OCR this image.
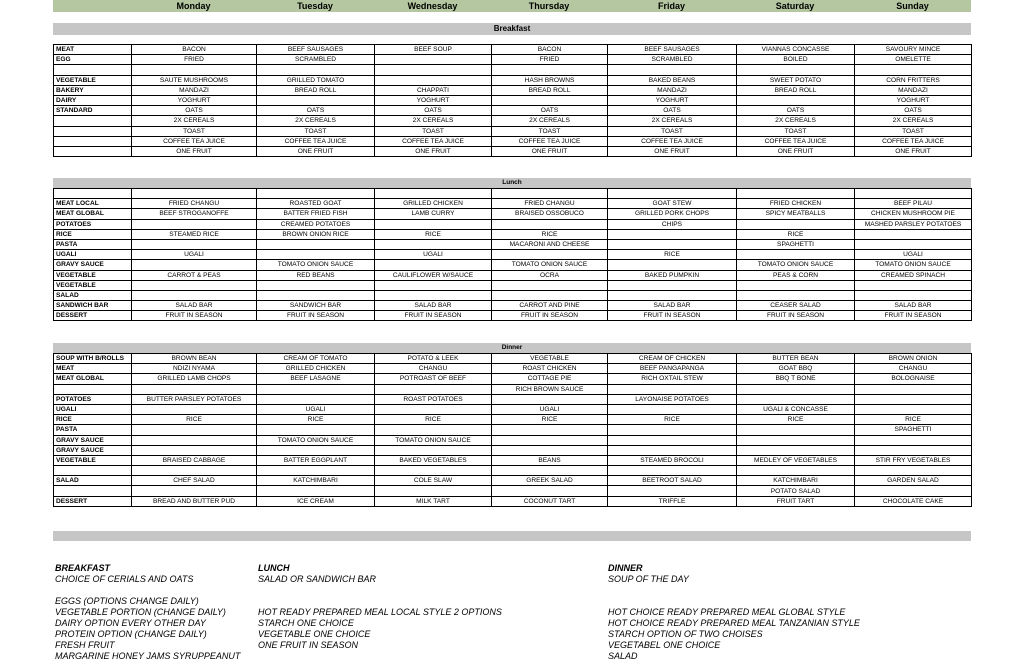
Monday	Tuesday	Wednesday	Thursday	Friday	Saturday	Sunday
Breakfast
MEAT	BACON	BEEF SAUSAGES	BEEF SOUP	BACON	BEEF SAUSAGES	VIANNAS CONCASSE	SAVOURY MINCE
EGG	FRIED	SCRAMBLED		FRIED	SCRAMBLED	BOILED	OMELETTE

VEGETABLE	SAUTE MUSHROOMS	GRILLED TOMATO		HASH BROWNS	BAKED BEANS	SWEET POTATO	CORN FRITTERS
BAKERY	MANDAZI	BREAD ROLL	CHAPPATI	BREAD ROLL	MANDAZI	BREAD ROLL	MANDAZI
DAIRY	YOGHURT		YOGHURT		YOGHURT		YOGHURT
STANDARD	OATS	OATS	OATS	OATS	OATS	OATS	OATS
	2X CEREALS	2X CEREALS	2X CEREALS	2X CEREALS	2X CEREALS	2X CEREALS	2X CEREALS
	TOAST	TOAST	TOAST	TOAST	TOAST	TOAST	TOAST
	COFFEE TEA JUICE	COFFEE TEA JUICE	COFFEE TEA JUICE	COFFEE TEA JUICE	COFFEE TEA JUICE	COFFEE TEA JUICE	COFFEE TEA JUICE
	ONE FRUIT	ONE FRUIT	ONE FRUIT	ONE FRUIT	ONE FRUIT	ONE FRUIT	ONE FRUIT
Lunch

MEAT LOCAL	FRIED CHANGU	ROASTED GOAT	GRILLED CHICKEN	FRIED CHANGU	GOAT STEW	FRIED CHICKEN	BEEF PILAU
MEAT GLOBAL	BEEF STROGANOFFE	BATTER FRIED FISH	LAMB CURRY	BRAISED OSSOBUCO	GRILLED PORK CHOPS	SPICY MEATBALLS	CHICKEN MUSHROOM PIE
POTATOES		CREAMED POTATOES			CHIPS		MASHED PARSLEY POTATOES
RICE	STEAMED RICE	BROWN ONION RICE	RICE	RICE		RICE	
PASTA				MACARONI AND CHEESE		SPAGHETTI	
UGALI	UGALI		UGALI		RICE		UGALI
GRAVY SAUCE		TOMATO ONION SAUCE		TOMATO ONION SAUCE		TOMATO ONION SAUCE	TOMATO ONION SAUCE
VEGETABLE	CARROT & PEAS	RED BEANS	CAULIFLOWER W/SAUCE	OCRA	BAKED PUMPKIN	PEAS & CORN	CREAMED SPINACH
VEGETABLE							
SALAD							
SANDWICH BAR	SALAD BAR	SANDWICH BAR	SALAD BAR	CARROT AND PINE	SALAD BAR	CEASER SALAD	SALAD BAR
DESSERT	FRUIT IN SEASON	FRUIT IN SEASON	FRUIT IN SEASON	FRUIT IN SEASON	FRUIT IN SEASON	FRUIT IN SEASON	FRUIT IN SEASON
Dinner
SOUP WITH B/ROLLS	BROWN BEAN	CREAM OF TOMATO	POTATO & LEEK	VEGETABLE	CREAM OF CHICKEN	BUTTER BEAN	BROWN ONION
MEAT	NDIZI NYAMA	GRILLED CHICKEN	CHANGU	ROAST CHICKEN	BEEF PANGAPANGA	GOAT BBQ	CHANGU
MEAT GLOBAL	GRILLED LAMB CHOPS	BEEF LASAGNE	POTROAST OF BEEF	COTTAGE PIE	RICH OXTAIL STEW	BBQ T BONE	BOLOGNAISE
				RICH BROWN SAUCE			
POTATOES	BUTTER PARSLEY POTATOES		ROAST POTATOES		LAYONAISE POTATOES		
UGALI		UGALI		UGALI		UGALI & CONCASSE	
RICE	RICE	RICE	RICE	RICE	RICE	RICE	RICE
PASTA							SPAGHETTI
GRAVY SAUCE		TOMATO ONION SAUCE	TOMATO ONION SAUCE				
GRAVY SAUCE							
VEGETABLE	BRAISED CABBAGE	BATTER EGGPLANT	BAKED VEGETABLES	BEANS	STEAMED BROCOLI	MEDLEY OF VEGETABLES	STIR FRY VEGETABLES

SALAD	CHEF SALAD	KATCHIMBARI	COLE SLAW	GREEK SALAD	BEETROOT SALAD	KATCHIMBARI	GARDEN SALAD
						POTATO SALAD	
DESSERT	BREAD AND BUTTER PUD	ICE CREAM	MILK TART	COCONUT TART	TRIFFLE	FRUIT TART	CHOCOLATE CAKE
BREAKFAST
CHOICE OF CERIALS AND OATS
EGGS (OPTIONS CHANGE DAILY)
VEGETABLE PORTION (CHANGE DAILY)
DAIRY OPTION EVERY OTHER DAY
PROTEIN OPTION (CHANGE DAILY)
FRESH FRUIT
MARGARINE HONEY JAMS SYRUPPEANUT
LUNCH
SALAD OR SANDWICH BAR
HOT READY PREPARED MEAL LOCAL STYLE 2 OPTIONS
STARCH ONE CHOICE
VEGETABLE ONE CHOICE
ONE FRUIT IN SEASON
DINNER
SOUP OF THE DAY
HOT CHOICE READY PREPARED MEAL GLOBAL STYLE
HOT CHOICE READY PREPARED MEAL TANZANIAN STYLE
STARCH OPTION OF TWO CHOISES
VEGETABEL ONE CHOICE
SALAD
